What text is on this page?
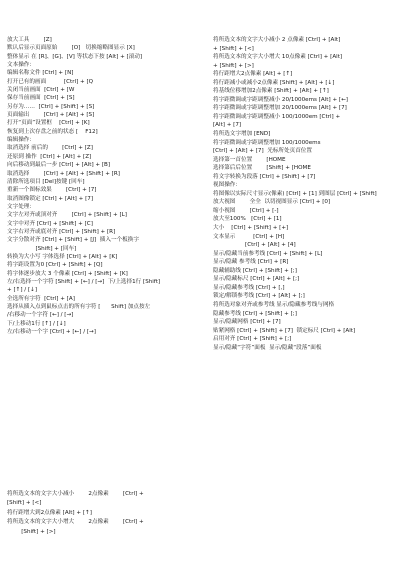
放大工具        [Z]
默认后显示页面原始        [O]   切换缩略图显示 [X]
整体显示 在 [R]、[G]、[V] 等状态下按 [Alt] + [滚动]
文本操作：
编辑名称文件 [Ctrl] + [N]
打开已有的画面          [Ctrl] + [Q
关闭当前画面  [Ctrl] + [W
保存当前画面  [Ctrl] + [S]
另存为……  [Ctrl] + [Shift] + [S]
页面输出        [Ctrl] + [Alt] + [S]
打开“页面”设置框    [Ctrl] + [K]
恢复到上次存盘之前的状态 [    F12]
编辑操作：
取消选择 前后的        [Ctrl] + [Z]
还原到 操作  [Ctrl] + [Alt] + [Z]
向后移动到最后一步 [Ctrl] + [Alt] + [B]
取消选择        [Ctrl] + [Alt] + [Shift] + [R]
清除所选项目 [Del]按键 [回车]
重新一个图标效果        [Ctrl] + [7]
取消图像锁定 [Ctrl] + [Alt] + [7]
文字处理：
文字左对齐或顶对齐        [Ctrl] + [Shift] + [L]
文字中对齐 [Ctrl] + [Shift] + [C]
文字右对齐或底对齐 [Ctrl] + [Shift] + [R]
文字分散对齐 [Ctrl] + [Shift] + [J]  插入一个板换字
[Shift] + [回车]
转换为大小写 字体选择 [Ctrl] + [Alt] + [K]
将字距设置为0 [Ctrl] + [Shift] + [Q]
将字体逐步放大 3 个像素 [Ctrl] + [Shift] + [K]
左/右选择一个字符 [Shift] + [←] / [→]  下/上选择1行 [Shift]
+ [↑] / [↓]
全选所有字符  [Ctrl] + [A]
选择从插入点到鼠标点击的所有字符 [      Shift] 加点按左
/右移动一个字符 [←] / [→]
下/上移动1行 [↑] / [↓]
左/右移动一个字 [Ctrl] + [←] / [→]
将所选文本的文字大小减小 2 点像素 [Ctrl] + [Alt]
+ [Shift] + [<]
将所选文本的文字大小增大 10点像素 [Ctrl] + [Alt]
+ [Shift] + [>]
将行距增大2点像素 [Alt] + [↑]
将行距减小或减小2点像素 [Shift] + [Alt] + [↓]
将基线位移增加2点像素 [Shift] + [Alt] + [↑]
将字距微调或字距调整减小 20/1000ems [Alt] + [←]
将字距微调或字距调整增加 20/1000ems [Alt] + [7]
将字距微调或字距调整减小 100/1000em [Ctrl] +
[Alt] + [7]
将所选文字增加 [END]
将字距微调或字距调整增加 100/1000ems
[Ctrl] + [Alt] + [7]  光标所处页首位置
选择第一首位置        [HOME
选择第后后位置        [Shift] + [HOME
将文字转换为段落 [Ctrl] + [Shift] + [7]
视图操作：
将图像以实际尺寸显示(像素) [Ctrl] + [1] 到图层 [Ctrl] + [Shift]
放大视图        全全  以切视图显示 [Ctrl] + [0]
缩小视图        [Ctrl] + [-]
放大至100%   [Ctrl] + [1]
大小    [Ctrl] + [Shift] + [+]
文本显示          [Ctrl] + [H]
[Ctrl] + [Alt] + [4]
显示/隐藏当前参考线 [Ctrl] + [Shift] + [L]
显示/隐藏 参考线 [Ctrl] + [R]
隐藏辅助线 [Ctrl] + [Shift] + [;]
显示/隐藏标尺 [Ctrl] + [Alt] + [;]
显示/隐藏参考线 [Ctrl] + [,]
锁定/解锁参考线 [Ctrl] + [Alt] + [;]
将所选对象对齐或参考线 显示/隐藏参考线与网格
隐藏参考线 [Ctrl] + [Shift] + [;]
显示/隐藏网格 [Ctrl] + [7]
贴紧网格 [Ctrl] + [Shift] + [7]  锁定标尺 [Ctrl] + [Alt]
启用对齐 [Ctrl] + [Shift] + [;]
显示/隐藏“字符”面板  显示/隐藏“段落”面板
将所选文本的文字大小减小        2点像素        [Ctrl] +
[Shift] + [<]
将行距增大到2点像素 [Alt] + [↑]
将所选文本的文字大小增大        2点像素        [Ctrl] +
[Shift] + [>]
